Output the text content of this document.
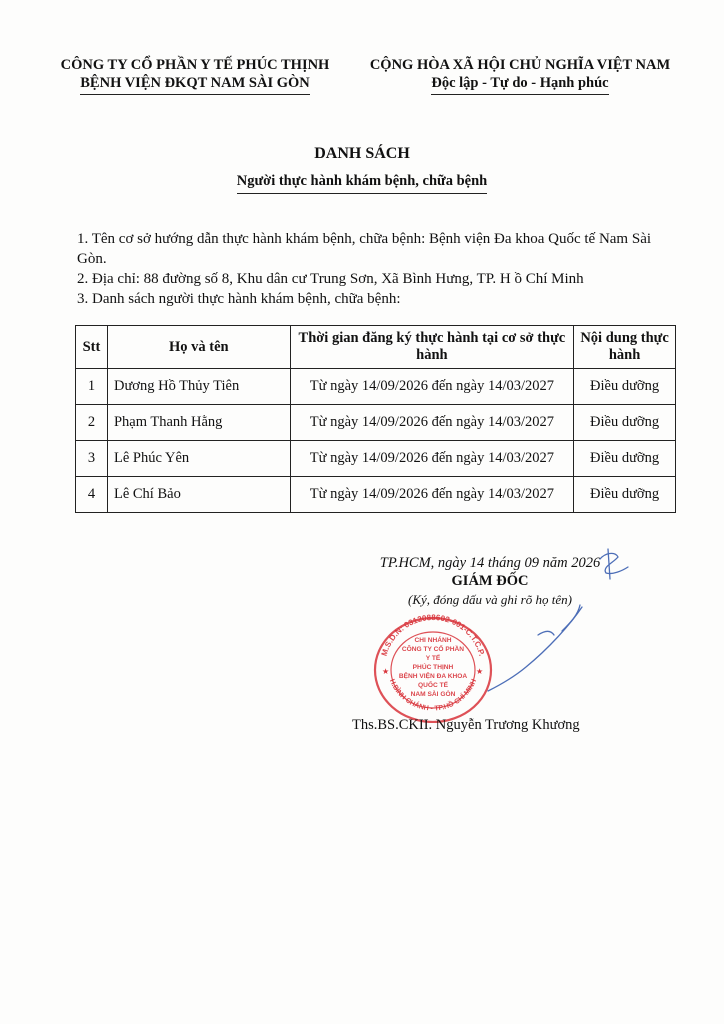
CÔNG TY CỔ PHẦN Y TẾ PHÚC THỊNH
BỆNH VIỆN ĐKQT NAM SÀI GÒN
CỘNG HÒA XÃ HỘI CHỦ NGHĨA VIỆT NAM
Độc lập - Tự do - Hạnh phúc
DANH SÁCH
Người thực hành khám bệnh, chữa bệnh

1. Tên cơ sở hướng dẫn thực hành khám bệnh, chữa bệnh: Bệnh viện Đa khoa Quốc tế Nam Sài Gòn.

2. Địa chỉ: 88 đường số 8, Khu dân cư Trung Sơn, Xã Bình Hưng, TP. H ồ Chí Minh

3. Danh sách người thực hành khám bệnh, chữa bệnh:

Stt	Họ và tên	Thời gian đăng ký thực hành tại cơ sở thực hành	Nội dung thực hành
1	Dương Hồ Thủy Tiên	Từ ngày 14/09/2026 đến ngày 14/03/2027	Điều dưỡng
2	Phạm Thanh Hằng	Từ ngày 14/09/2026 đến ngày 14/03/2027	Điều dưỡng
3	Lê Phúc Yên	Từ ngày 14/09/2026 đến ngày 14/03/2027	Điều dưỡng
4	Lê Chí Bảo	Từ ngày 14/09/2026 đến ngày 14/03/2027	Điều dưỡng
TP.HCM, ngày 14 tháng 09 năm 2026
GIÁM ĐỐC
(Ký, đóng dấu và ghi rõ họ tên)
M.S.D.N: 0312088602-001-C.T.C.P.
H.BÌNH CHÁNH - TP.HỒ CHÍ MINH
CHI NHÁNH
CÔNG TY CỔ PHẦN
Y TẾ
PHÚC THỊNH
BỆNH VIỆN ĐA KHOA
QUỐC TẾ
NAM SÀI GÒN
★	★
Ths.BS.CKII. Nguyễn Trương Khương
